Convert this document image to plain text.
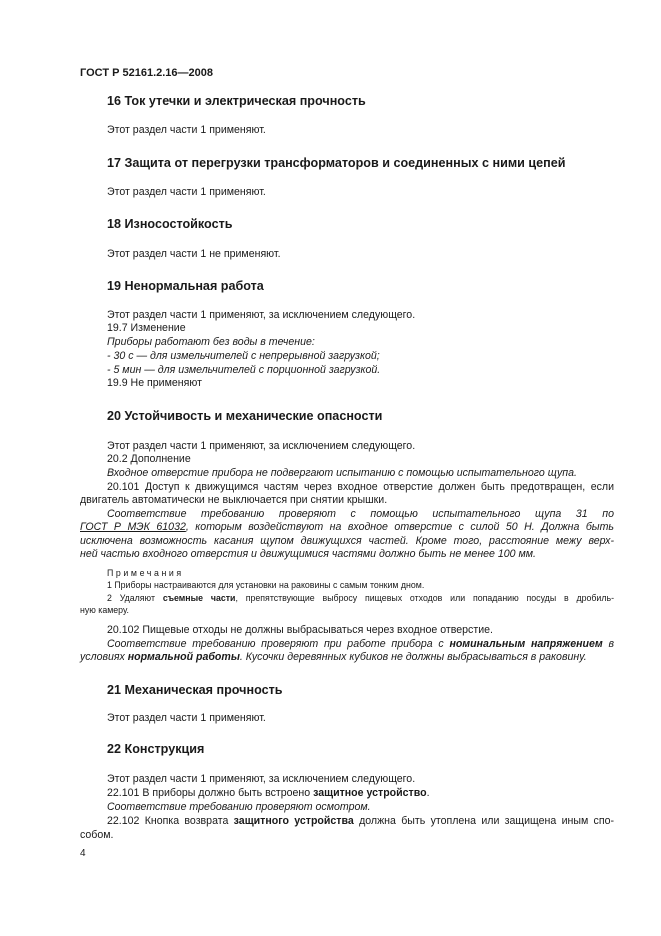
ГОСТ Р 52161.2.16—2008
16 Ток утечки и электрическая прочность
Этот раздел части 1 применяют.
17 Защита от перегрузки трансформаторов и соединенных с ними цепей
Этот раздел части 1 применяют.
18 Износостойкость
Этот раздел части 1 не применяют.
19 Ненормальная работа
Этот раздел части 1 применяют, за исключением следующего.
19.7 Изменение
Приборы работают без воды в течение:
- 30 с — для измельчителей с непрерывной загрузкой;
- 5 мин — для измельчителей с порционной загрузкой.
19.9 Не применяют
20 Устойчивость и механические опасности
Этот раздел части 1 применяют, за исключением следующего.
20.2 Дополнение
Входное отверстие прибора не подвергают испытанию с помощью испытательного щупа.
20.101 Доступ к движущимся частям через входное отверстие должен быть предотвращен, если
двигатель автоматически не выключается при снятии крышки.
Соответствие требованию проверяют с помощью испытательного щупа 31 по
ГОСТ Р МЭК 61032, которым воздействуют на входное отверстие с силой 50 Н. Должна быть
исключена возможность касания щупом движущихся частей. Кроме того, расстояние межу верх-
ней частью входного отверстия и движущимися частями должно быть не менее 100 мм.
Примечания
1 Приборы настраиваются для установки на раковины с самым тонким дном.
2 Удаляют съемные части, препятствующие выбросу пищевых отходов или попаданию посуды в дробиль-
ную камеру.
20.102 Пищевые отходы не должны выбрасываться через входное отверстие.
Соответствие требованию проверяют при работе прибора с номинальным напряжением в
условиях нормальной работы. Кусочки деревянных кубиков не должны выбрасываться в раковину.
21 Механическая прочность
Этот раздел части 1 применяют.
22 Конструкция
Этот раздел части 1 применяют, за исключением следующего.
22.101 В приборы должно быть встроено защитное устройство.
Соответствие требованию проверяют осмотром.
22.102 Кнопка возврата защитного устройства должна быть утоплена или защищена иным спо-
собом.
4
